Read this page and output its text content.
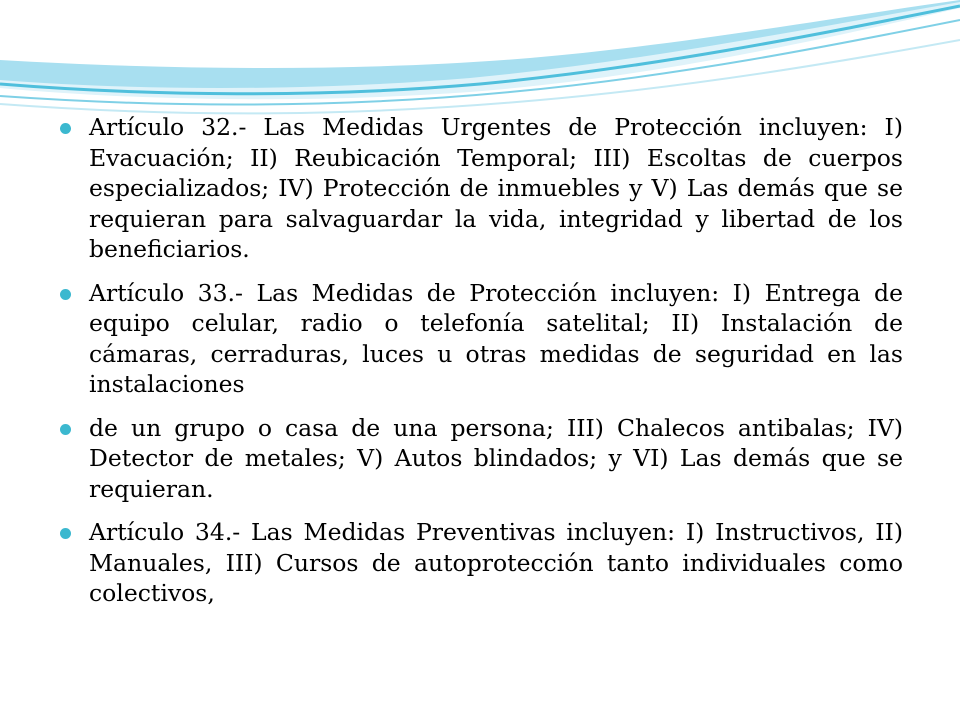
Artículo 32.- Las Medidas Urgentes de Protección incluyen: I) Evacuación; II) Reubicación Temporal; III) Escoltas de cuerpos especializados; IV) Protección de inmuebles y V) Las demás que se requieran para salvaguardar la vida, integridad y libertad de los beneficiarios.
Artículo 33.- Las Medidas de Protección incluyen: I) Entrega de equipo celular, radio o telefonía satelital; II) Instalación de cámaras, cerraduras, luces u otras medidas de seguridad en las instalaciones
de un grupo o casa de una persona; III) Chalecos antibalas; IV) Detector de metales; V) Autos blindados; y VI) Las demás que se requieran.
Artículo 34.- Las Medidas Preventivas incluyen: I) Instructivos, II) Manuales, III) Cursos de autoprotección tanto individuales como colectivos,
